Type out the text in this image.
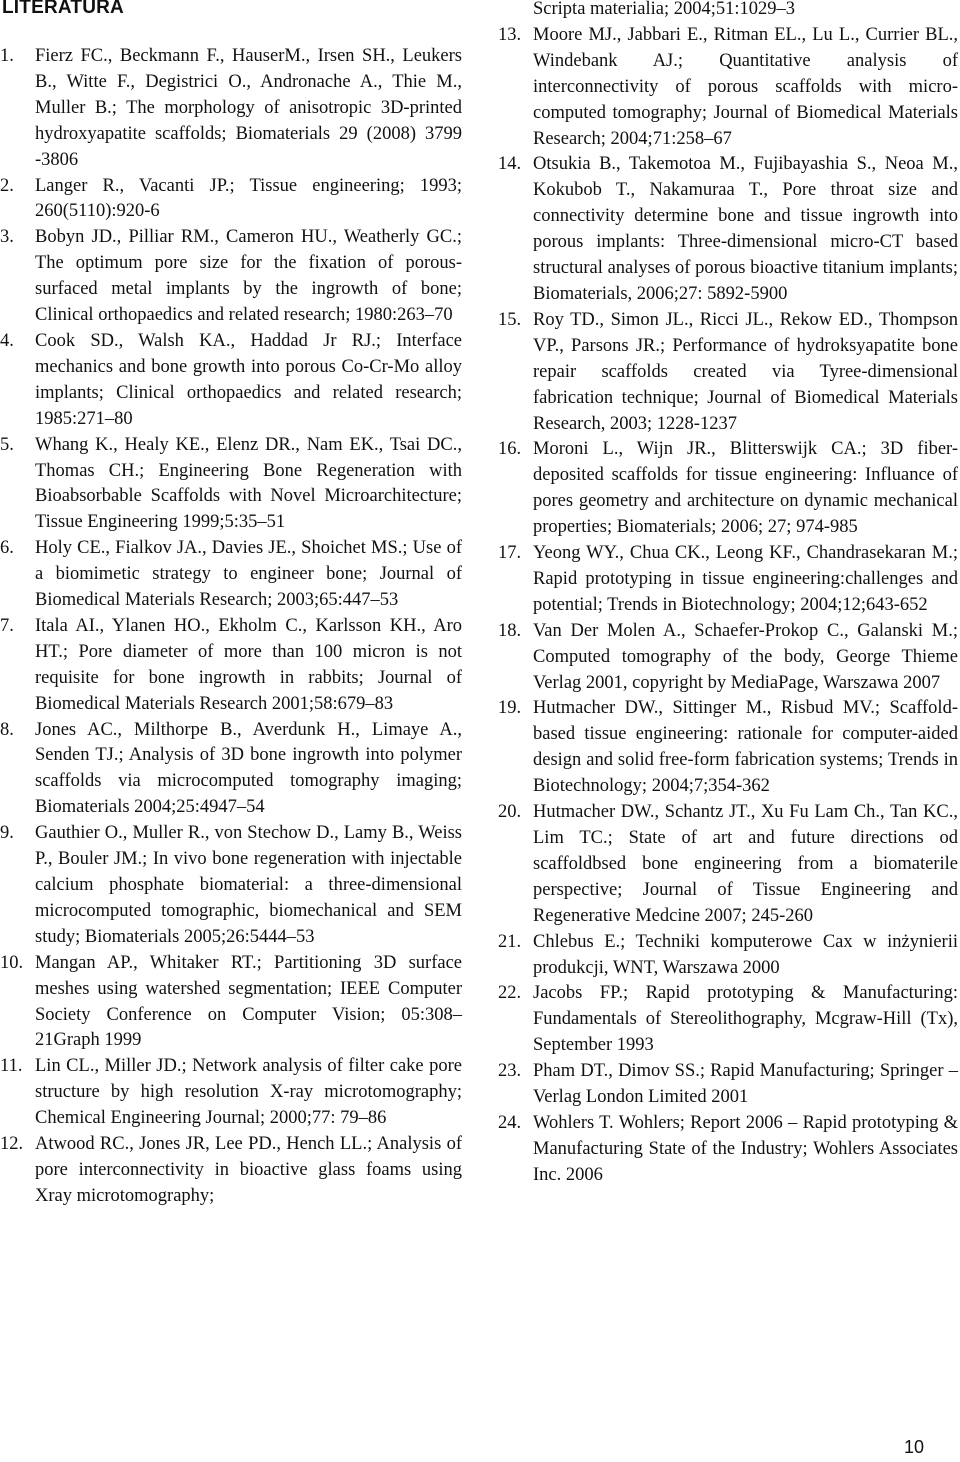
LITERATURA
1. Fierz FC., Beckmann F., HauserM., Irsen SH., Leukers B., Witte F., Degistrici O., Andronache A., Thie M., Muller B.; The morphology of anisotropic 3D-printed hydroxyapatite scaffolds; Biomaterials 29 (2008) 3799 -3806
2. Langer R., Vacanti JP.; Tissue engineering; 1993; 260(5110):920-6
3. Bobyn JD., Pilliar RM., Cameron HU., Weatherly GC.; The optimum pore size for the fixation of porous-surfaced metal implants by the ingrowth of bone; Clinical orthopaedics and related research; 1980:263–70
4. Cook SD., Walsh KA., Haddad Jr RJ.; Interface mechanics and bone growth into porous Co-Cr-Mo alloy implants; Clinical orthopaedics and related research; 1985:271–80
5. Whang K., Healy KE., Elenz DR., Nam EK., Tsai DC., Thomas CH.; Engineering Bone Regeneration with Bioabsorbable Scaffolds with Novel Microarchitecture; Tissue Engineering 1999;5:35–51
6. Holy CE., Fialkov JA., Davies JE., Shoichet MS.; Use of a biomimetic strategy to engineer bone; Journal of Biomedical Materials Research; 2003;65:447–53
7. Itala AI., Ylanen HO., Ekholm C., Karlsson KH., Aro HT.; Pore diameter of more than 100 micron is not requisite for bone ingrowth in rabbits; Journal of Biomedical Materials Research 2001;58:679–83
8. Jones AC., Milthorpe B., Averdunk H., Limaye A., Senden TJ.; Analysis of 3D bone ingrowth into polymer scaffolds via microcomputed tomography imaging; Biomaterials 2004;25:4947–54
9. Gauthier O., Muller R., von Stechow D., Lamy B., Weiss P., Bouler JM.; In vivo bone regeneration with injectable calcium phosphate biomaterial: a three-dimensional microcomputed tomographic, biomechanical and SEM study; Biomaterials 2005;26:5444–53
10. Mangan AP., Whitaker RT.; Partitioning 3D surface meshes using watershed segmentation; IEEE Computer Society Conference on Computer Vision; 05:308–21Graph 1999
11. Lin CL., Miller JD.; Network analysis of filter cake pore structure by high resolution X-ray microtomography; Chemical Engineering Journal; 2000;77: 79–86
12. Atwood RC., Jones JR, Lee PD., Hench LL.; Analysis of pore interconnectivity in bioactive glass foams using Xray microtomography;
Scripta materialia; 2004;51:1029–3
13. Moore MJ., Jabbari E., Ritman EL., Lu L., Currier BL., Windebank AJ.; Quantitative analysis of interconnectivity of porous scaffolds with micro-computed tomography; Journal of Biomedical Materials Research; 2004;71:258–67
14. Otsukia B., Takemotoa M., Fujibayashia S., Neoa M., Kokubob T., Nakamuraa T., Pore throat size and connectivity determine bone and tissue ingrowth into porous implants: Three-dimensional micro-CT based structural analyses of porous bioactive titanium implants; Biomaterials, 2006;27: 5892-5900
15. Roy TD., Simon JL., Ricci JL., Rekow ED., Thompson VP., Parsons JR.; Performance of hydroksyapatite bone repair scaffolds created via Tyree-dimensional fabrication technique; Journal of Biomedical Materials Research, 2003; 1228-1237
16. Moroni L., Wijn JR., Blitterswijk CA.; 3D fiber-deposited scaffolds for tissue engineering: Influance of pores geometry and architecture on dynamic mechanical properties; Biomaterials; 2006; 27; 974-985
17. Yeong WY., Chua CK., Leong KF., Chandrasekaran M.; Rapid prototyping in tissue engineering:challenges and potential; Trends in Biotechnology; 2004;12;643-652
18. Van Der Molen A., Schaefer-Prokop C., Galanski M.; Computed tomography of the body, George Thieme Verlag 2001, copyright by MediaPage, Warszawa 2007
19. Hutmacher DW., Sittinger M., Risbud MV.; Scaffold-based tissue engineering: rationale for computer-aided design and solid free-form fabrication systems; Trends in Biotechnology; 2004;7;354-362
20. Hutmacher DW., Schantz JT., Xu Fu Lam Ch., Tan KC., Lim TC.; State of art and future directions od scaffoldbsed bone engineering from a biomaterile perspective; Journal of Tissue Engineering and Regenerative Medcine 2007; 245-260
21. Chlebus E.; Techniki komputerowe Cax w inżynierii produkcji, WNT, Warszawa 2000
22. Jacobs FP.; Rapid prototyping & Manufacturing: Fundamentals of Stereolithography, Mcgraw-Hill (Tx), September 1993
23. Pham DT., Dimov SS.; Rapid Manufacturing; Springer – Verlag London Limited 2001
24. Wohlers T. Wohlers; Report 2006 – Rapid prototyping & Manufacturing State of the Industry; Wohlers Associates Inc. 2006
10
